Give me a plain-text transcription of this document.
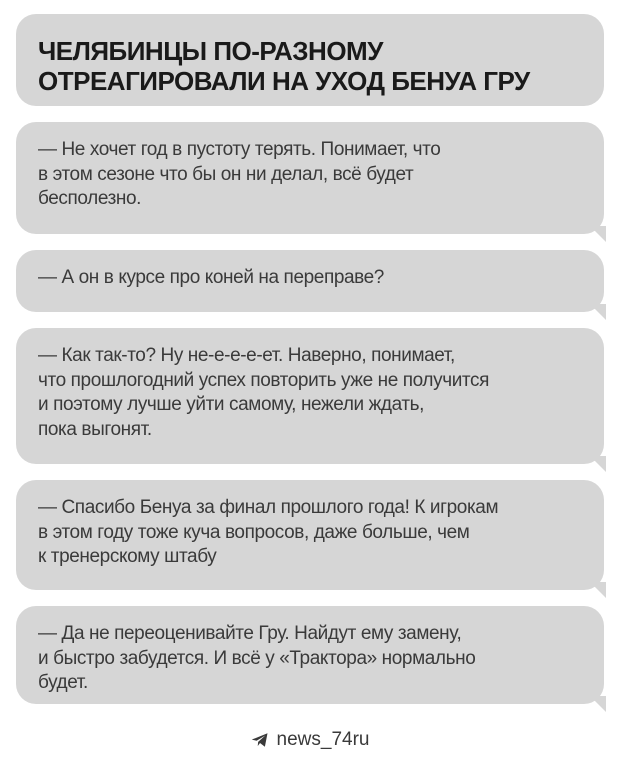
ЧЕЛЯБИНЦЫ ПО-РАЗНОМУ
ОТРЕАГИРОВАЛИ НА УХОД БЕНУА ГРУ

— Не хочет год в пустоту терять. Понимает, что
в этом сезоне что бы он ни делал, всё будет
бесполезно.

— А он в курсе про коней на переправе?

— Как так-то? Ну не-е-е-е-ет. Наверно, понимает,
что прошлогодний успех повторить уже не получится
и поэтому лучше уйти самому, нежели ждать,
пока выгонят.

— Спасибо Бенуа за финал прошлого года! К игрокам
в этом году тоже куча вопросов, даже больше, чем
к тренерскому штабу

— Да не переоценивайте Гру. Найдут ему замену,
и быстро забудется. И всё у «Трактора» нормально
будет.

news_74ru
